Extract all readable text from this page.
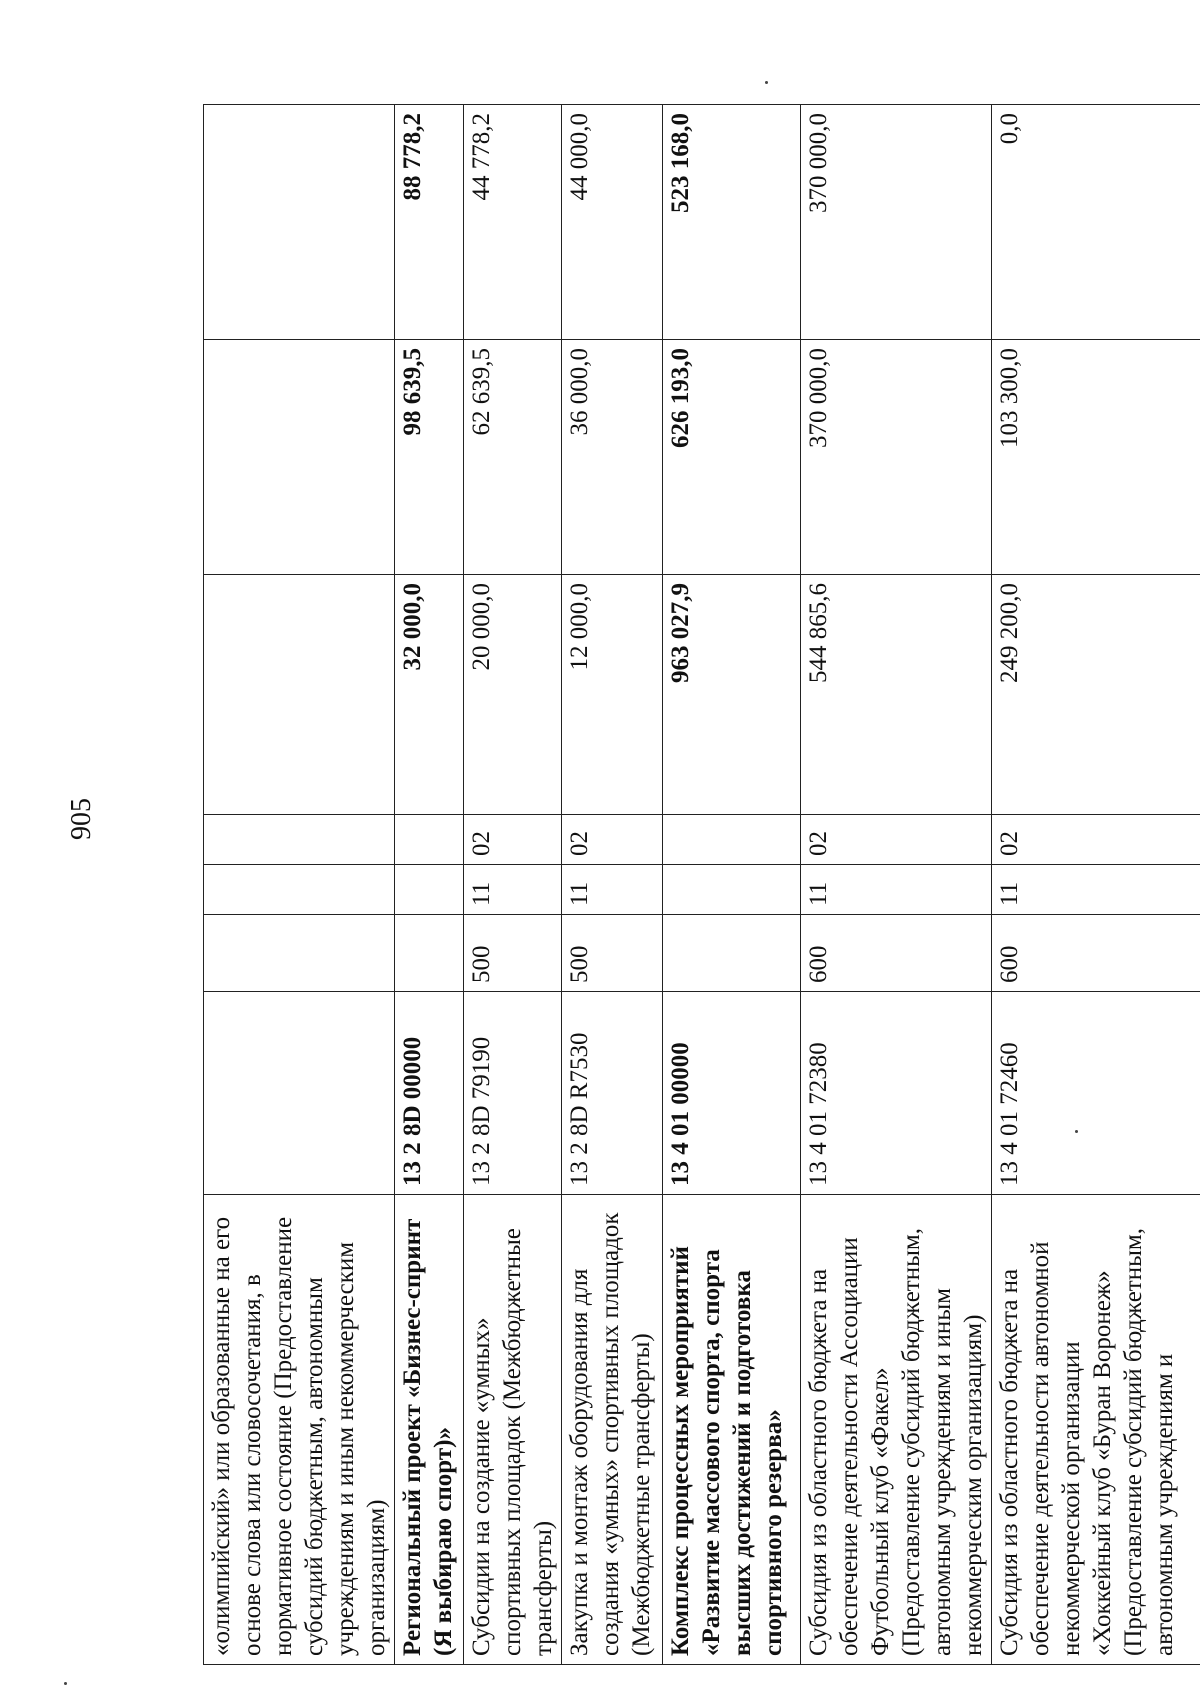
905
«олимпийский» или образованные на его основе слова или словосочетания, в нормативное состояние (Предоставление субсидий бюджетным, автономным учреждениям и иным некоммерческим организациям)							
Региональный проект «Бизнес-спринт (Я выбираю спорт)»	13 2 8D 00000				32 000,0	98 639,5	88 778,2
Субсидии на создание «умных» спортивных площадок (Межбюджетные трансферты)	13 2 8D 79190	500	11	02	20 000,0	62 639,5	44 778,2
Закупка и монтаж оборудования для создания «умных» спортивных площадок (Межбюджетные трансферты)	13 2 8D R7530	500	11	02	12 000,0	36 000,0	44 000,0
Комплекс процессных мероприятий «Развитие массового спорта, спорта высших достижений и подготовка спортивного резерва»	13 4 01 00000				963 027,9	626 193,0	523 168,0
Субсидия из областного бюджета на обеспечение деятельности Ассоциации Футбольный клуб «Факел» (Предоставление субсидий бюджетным, автономным учреждениям и иным некоммерческим организациям)	13 4 01 72380	600	11	02	544 865,6	370 000,0	370 000,0
Субсидия из областного бюджета на обеспечение деятельности автономной некоммерческой организации «Хоккейный клуб «Буран Воронеж» (Предоставление субсидий бюджетным, автономным учреждениям и	13 4 01 72460	600	11	02	249 200,0	103 300,0	0,0
